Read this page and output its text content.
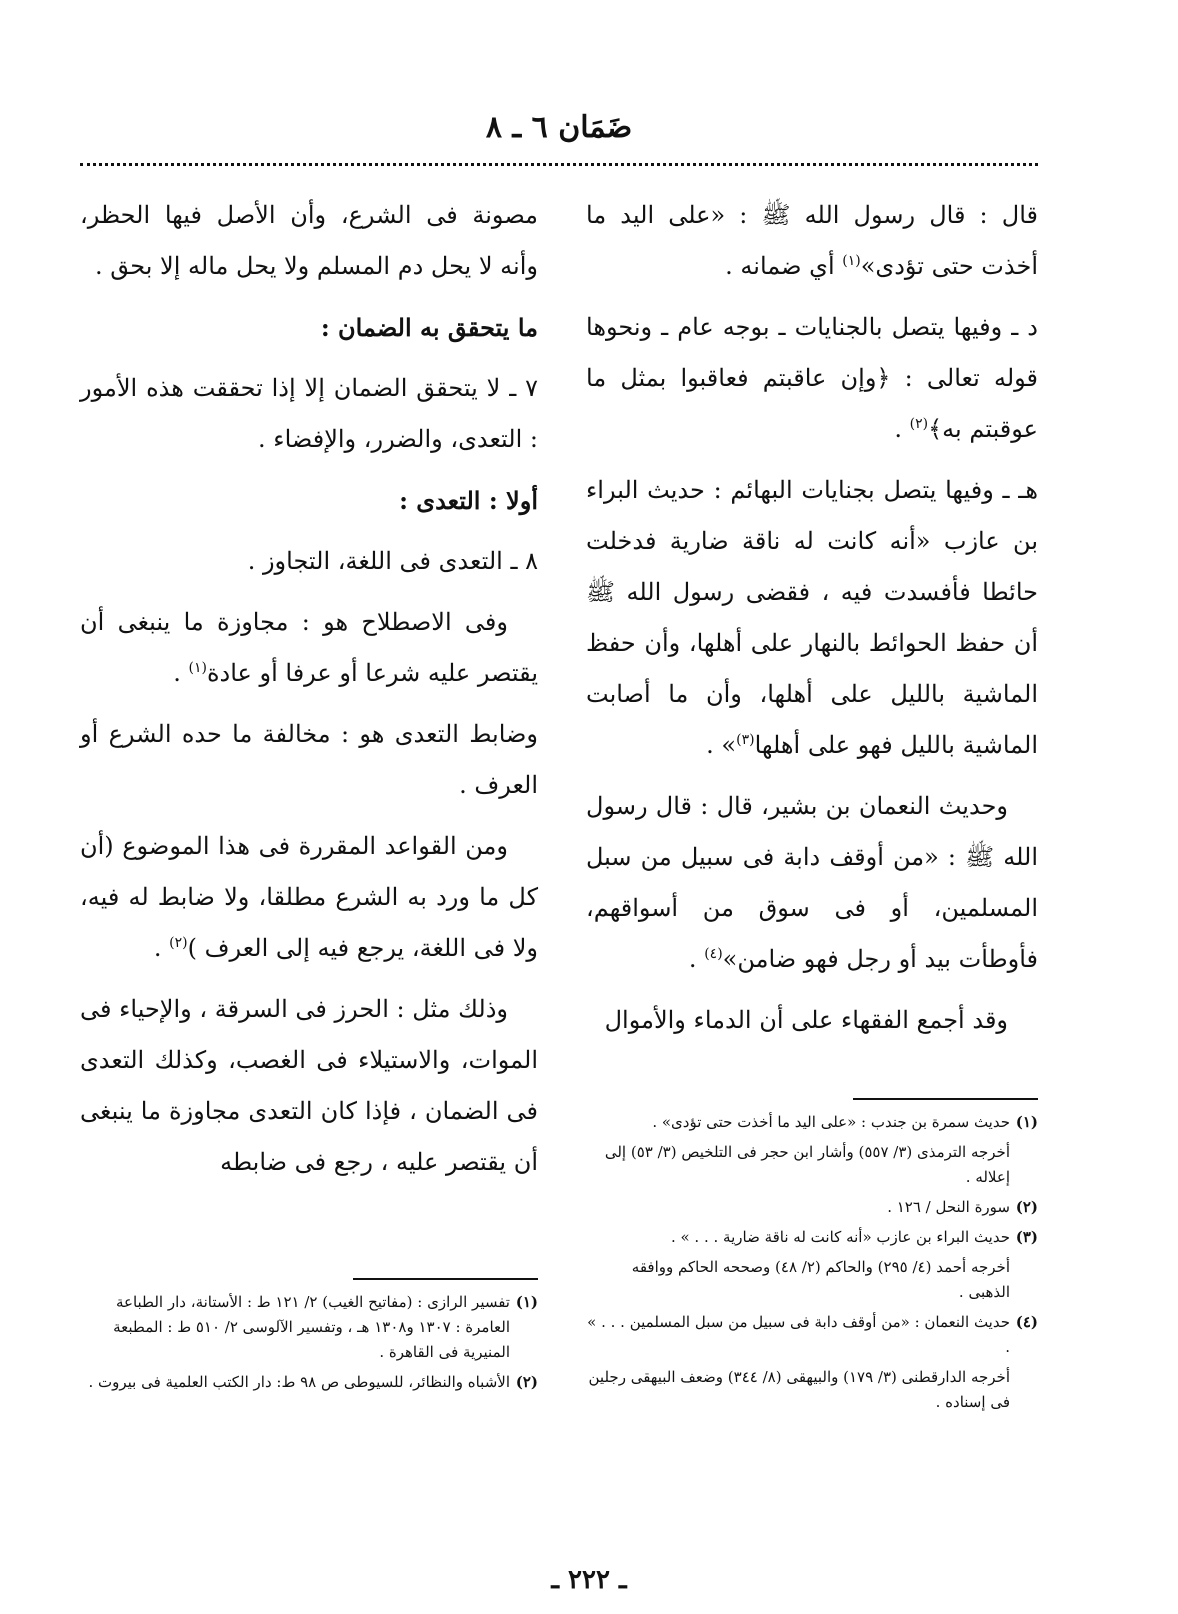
ضَمَان ٦ ـ ٨

قال : قال رسول الله ﷺ : «على اليد ما أخذت حتى تؤدى»$^{(١)}$ أي ضمانه .

د ـ وفيها يتصل بالجنايات ـ بوجه عام ـ ونحوها قوله تعالى : ﴿وإن عاقبتم فعاقبوا بمثل ما عوقبتم به﴾$^{(٢)}$ .

هـ ـ وفيها يتصل بجنايات البهائم : حديث البراء بن عازب «أنه كانت له ناقة ضارية فدخلت حائطا فأفسدت فيه ، فقضى رسول الله ﷺ أن حفظ الحوائط بالنهار على أهلها، وأن حفظ الماشية بالليل على أهلها، وأن ما أصابت الماشية بالليل فهو على أهلها$^{(٣)}$» .

وحديث النعمان بن بشير، قال : قال رسول الله ﷺ : «من أوقف دابة فى سبيل من سبل المسلمين، أو فى سوق من أسواقهم، فأوطأت بيد أو رجل فهو ضامن»$^{(٤)}$ .

وقد أجمع الفقهاء على أن الدماء والأموال

مصونة فى الشرع، وأن الأصل فيها الحظر، وأنه لا يحل دم المسلم ولا يحل ماله إلا بحق .

ما يتحقق به الضمان :

٧ ـ لا يتحقق الضمان إلا إذا تحققت هذه الأمور : التعدى، والضرر، والإفضاء .

أولا : التعدى :

٨ ـ التعدى فى اللغة، التجاوز .

وفى الاصطلاح هو : مجاوزة ما ينبغى أن يقتصر عليه شرعا أو عرفا أو عادة$^{(١)}$ .

وضابط التعدى هو : مخالفة ما حده الشرع أو العرف .

ومن القواعد المقررة فى هذا الموضوع (أن كل ما ورد به الشرع مطلقا، ولا ضابط له فيه، ولا فى اللغة، يرجع فيه إلى العرف )$^{(٢)}$ .

وذلك مثل : الحرز فى السرقة ، والإحياء فى الموات، والاستيلاء فى الغصب، وكذلك التعدى فى الضمان ، فإذا كان التعدى مجاوزة ما ينبغى أن يقتصر عليه ، رجع فى ضابطه

(١)
حديث سمرة بن جندب : «على اليد ما أخذت حتى تؤدى» .

أخرجه الترمذى (٣/ ٥٥٧) وأشار ابن حجر فى التلخيص (٣/ ٥٣) إلى إعلاله .

(٢)
سورة النحل / ١٢٦ .

(٣)
حديث البراء بن عازب «أنه كانت له ناقة ضارية . . . » .

أخرجه أحمد (٤/ ٢٩٥) والحاكم (٢/ ٤٨) وصححه الحاكم ووافقه الذهبى .

(٤)
حديث النعمان : «من أوقف دابة فى سبيل من سبل المسلمين . . . » .

أخرجه الدارقطنى (٣/ ١٧٩) والبيهقى (٨/ ٣٤٤) وضعف البيهقى رجلين فى إسناده .

(١)
تفسير الرازى : (مفاتيح الغيب) ٢/ ١٢١ ط : الأستانة، دار الطباعة العامرة : ١٣٠٧ و١٣٠٨ هـ ، وتفسير الآلوسى ٢/ ٥١٠ ط : المطبعة المنيرية فى القاهرة .

(٢)
الأشباه والنظائر، للسيوطى ص ٩٨ ط: دار الكتب العلمية فى بيروت .

ـ ٢٢٢ ـ
